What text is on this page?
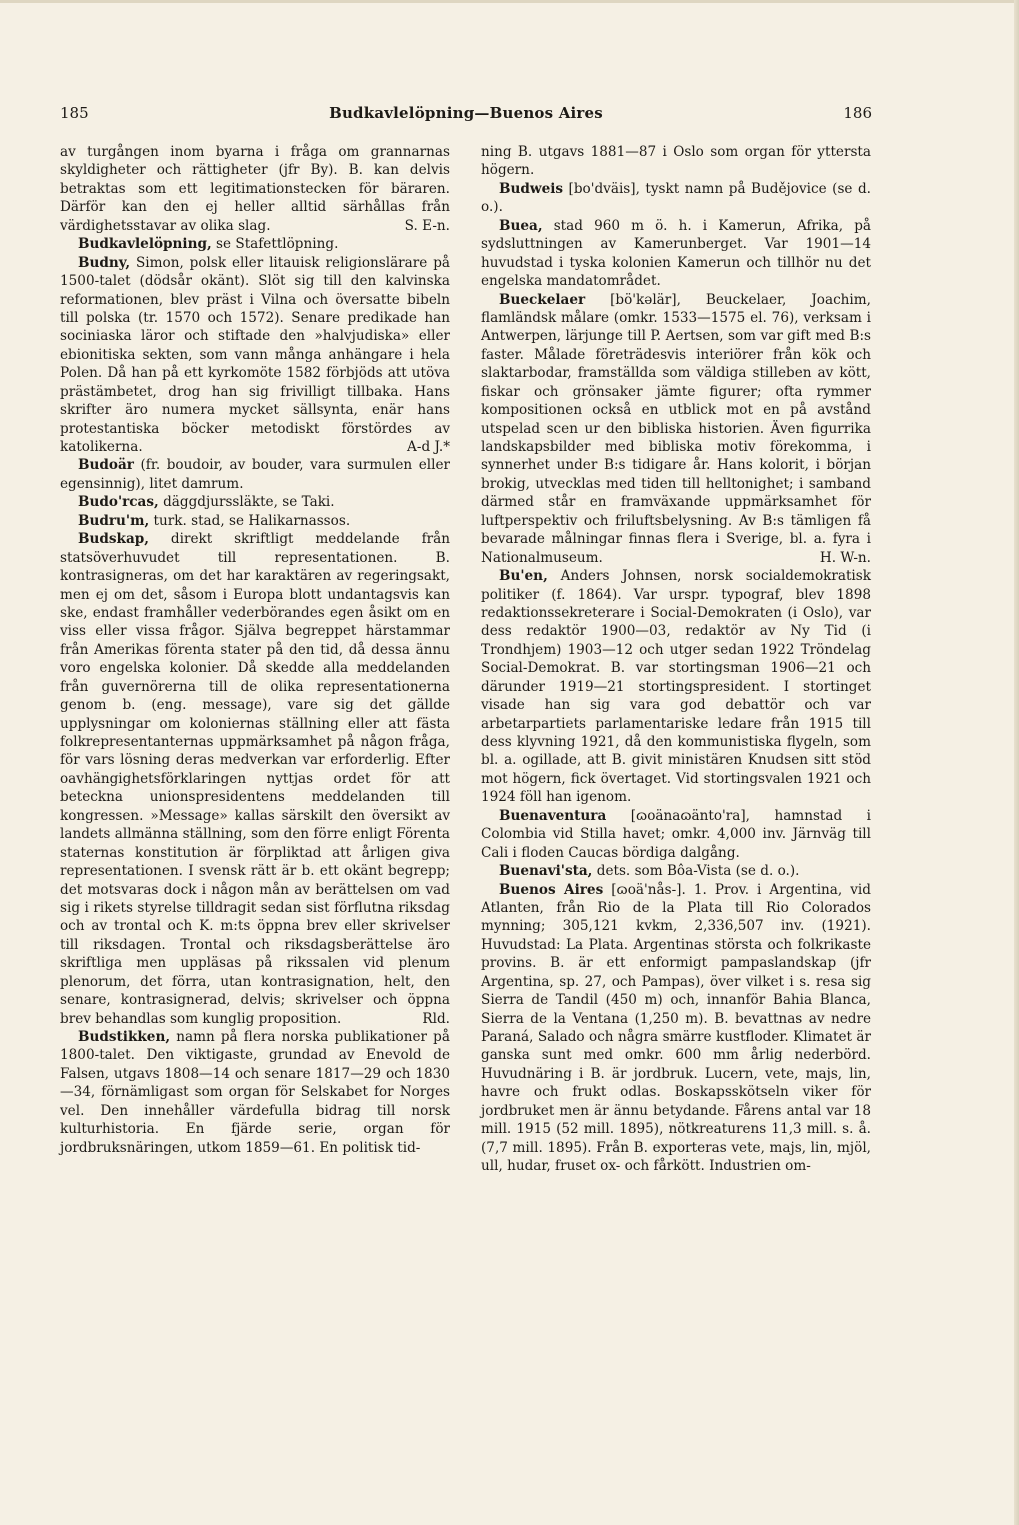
185	Budkavlelöpning—Buenos Aires	186

av turgången inom byarna i fråga om grannarnas skyldigheter och rättigheter (jfr By). B. kan delvis betraktas som ett legitimationstecken för bäraren. Därför kan den ej heller alltid särhållas från värdighetsstavar av olika slag.	S. E-n.

Budkavlelöpning, se Stafettlöpning.

Budny, Simon, polsk eller litauisk religionslärare på 1500-talet (dödsår okänt). Slöt sig till den kalvinska reformationen, blev präst i Vilna och översatte bibeln till polska (tr. 1570 och 1572). Senare predikade han sociniaska läror och stiftade den »halvjudiska» eller ebionitiska sekten, som vann många anhängare i hela Polen. Då han på ett kyrkomöte 1582 förbjöds att utöva prästämbetet, drog han sig frivilligt tillbaka. Hans skrifter äro numera mycket sällsynta, enär hans protestantiska böcker metodiskt förstördes av katolikerna.	A-d J.*

Budoär (fr. boudoir, av bouder, vara surmulen eller egensinnig), litet damrum.

Budo'rcas, däggdjurssläkte, se Taki.

Budru'm, turk. stad, se Halikarnassos.

Budskap, direkt skriftligt meddelande från statsöverhuvudet till representationen. B. kontrasigneras, om det har karaktären av regeringsakt, men ej om det, såsom i Europa blott undantagsvis kan ske, endast framhåller vederbörandes egen åsikt om en viss eller vissa frågor. Själva begreppet härstammar från Amerikas förenta stater på den tid, då dessa ännu voro engelska kolonier. Då skedde alla meddelanden från guvernörerna till de olika representationerna genom b. (eng. message), vare sig det gällde upplysningar om koloniernas ställning eller att fästa folkrepresentanternas uppmärksamhet på någon fråga, för vars lösning deras medverkan var erforderlig. Efter oavhängighetsförklaringen nyttjas ordet för att beteckna unionspresidentens meddelanden till kongressen. »Message» kallas särskilt den översikt av landets allmänna ställning, som den förre enligt Förenta staternas konstitution är förpliktad att årligen giva representationen. I svensk rätt är b. ett okänt begrepp; det motsvaras dock i någon mån av berättelsen om vad sig i rikets styrelse tilldragit sedan sist förflutna riksdag och av trontal och K. m:ts öppna brev eller skrivelser till riksdagen. Trontal och riksdagsberättelse äro skriftliga men uppläsas på rikssalen vid plenum plenorum, det förra, utan kontrasignation, helt, den senare, kontrasignerad, delvis; skrivelser och öppna brev behandlas som kunglig proposition.	Rld.

Budstikken, namn på flera norska publikationer på 1800-talet. Den viktigaste, grundad av Enevold de Falsen, utgavs 1808—14 och senare 1817—29 och 1830—34, förnämligast som organ för Selskabet for Norges vel. Den innehåller värdefulla bidrag till norsk kulturhistoria. En fjärde serie, organ för jordbruksnäringen, utkom 1859—61. En politisk tid-

ning B. utgavs 1881—87 i Oslo som organ för yttersta högern.

Budweis [bo'dväis], tyskt namn på Budějovice (se d. o.).

Buea, stad 960 m ö. h. i Kamerun, Afrika, på sydsluttningen av Kamerunberget. Var 1901—14 huvudstad i tyska kolonien Kamerun och tillhör nu det engelska mandatområdet.

Bueckelaer [bö'kəlär], Beuckelaer, Joachim, flamländsk målare (omkr. 1533—1575 el. 76), verksam i Antwerpen, lärjunge till P. Aertsen, som var gift med B:s faster. Målade företrädesvis interiörer från kök och slaktarbodar, framställda som väldiga stilleben av kött, fiskar och grönsaker jämte figurer; ofta rymmer kompositionen också en utblick mot en på avstånd utspelad scen ur den bibliska historien. Även figurrika landskapsbilder med bibliska motiv förekomma, i synnerhet under B:s tidigare år. Hans kolorit, i början brokig, utvecklas med tiden till helltonighet; i samband därmed står en framväxande uppmärksamhet för luftperspektiv och friluftsbelysning. Av B:s tämligen få bevarade målningar finnas flera i Sverige, bl. a. fyra i Nationalmuseum.	H. W-n.

Bu'en, Anders Johnsen, norsk socialdemokratisk politiker (f. 1864). Var urspr. typograf, blev 1898 redaktionssekreterare i Social-Demokraten (i Oslo), var dess redaktör 1900—03, redaktör av Ny Tid (i Trondhjem) 1903—12 och utger sedan 1922 Tröndelag Social-Demokrat. B. var stortingsman 1906—21 och därunder 1919—21 stortingspresident. I stortinget visade han sig vara god debattör och var arbetarpartiets parlamentariske ledare från 1915 till dess klyvning 1921, då den kommunistiska flygeln, som bl. a. ogillade, att B. givit ministären Knudsen sitt stöd mot högern, fick övertaget. Vid stortingsvalen 1921 och 1924 föll han igenom.

Buenaventura [ɷoänaɷänto'ra], hamnstad i Colombia vid Stilla havet; omkr. 4,000 inv. Järnväg till Cali i floden Caucas bördiga dalgång.

Buenavi'sta, dets. som Bôa-Vista (se d. o.).

Buenos Aires [ɷoä'nås-]. 1. Prov. i Argentina, vid Atlanten, från Rio de la Plata till Rio Colorados mynning; 305,121 kvkm, 2,336,507 inv. (1921). Huvudstad: La Plata. Argentinas största och folkrikaste provins. B. är ett enformigt pampaslandskap (jfr Argentina, sp. 27, och Pampas), över vilket i s. resa sig Sierra de Tandil (450 m) och, innanför Bahia Blanca, Sierra de la Ventana (1,250 m). B. bevattnas av nedre Paraná, Salado och några smärre kustfloder. Klimatet är ganska sunt med omkr. 600 mm årlig nederbörd. Huvudnäring i B. är jordbruk. Lucern, vete, majs, lin, havre och frukt odlas. Boskapsskötseln viker för jordbruket men är ännu betydande. Fårens antal var 18 mill. 1915 (52 mill. 1895), nötkreaturens 11,3 mill. s. å. (7,7 mill. 1895). Från B. exporteras vete, majs, lin, mjöl, ull, hudar, fruset ox- och fårkött. Industrien om-
